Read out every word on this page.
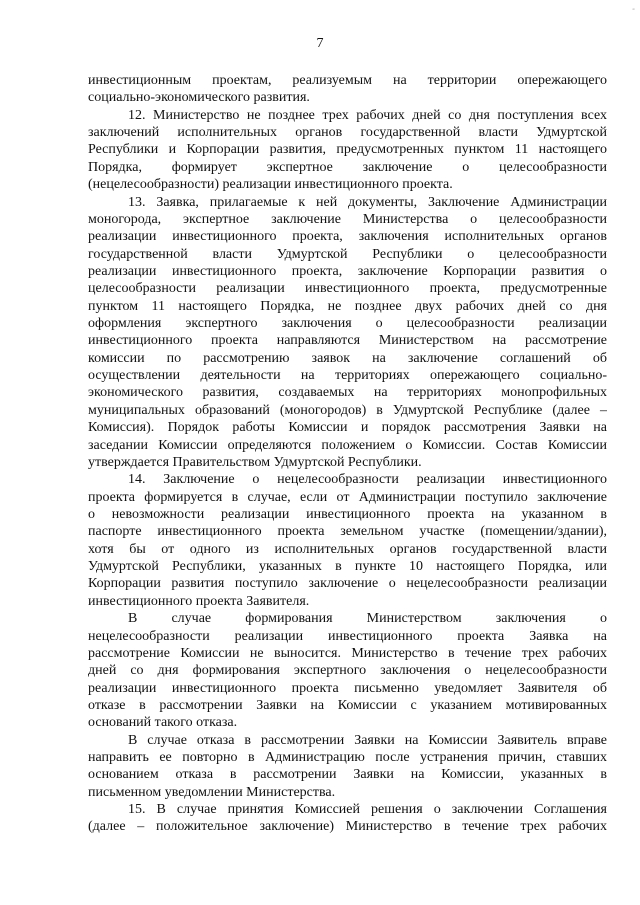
'
7
инвестиционным проектам, реализуемым на территории опережающего
социально-экономического развития.
12. Министерство не позднее трех рабочих дней со дня поступления всех
заключений исполнительных органов государственной власти Удмуртской
Республики и Корпорации развития, предусмотренных пунктом 11 настоящего
Порядка, формирует экспертное заключение о целесообразности
(нецелесообразности) реализации инвестиционного проекта.
13. Заявка, прилагаемые к ней документы, Заключение Администрации
моногорода, экспертное заключение Министерства о целесообразности
реализации инвестиционного проекта, заключения исполнительных органов
государственной власти Удмуртской Республики о целесообразности
реализации инвестиционного проекта, заключение Корпорации развития о
целесообразности реализации инвестиционного проекта, предусмотренные
пунктом 11 настоящего Порядка, не позднее двух рабочих дней со дня
оформления экспертного заключения о целесообразности реализации
инвестиционного проекта направляются Министерством на рассмотрение
комиссии по рассмотрению заявок на заключение соглашений об
осуществлении деятельности на территориях опережающего социально-
экономического развития, создаваемых на территориях монопрофильных
муниципальных образований (моногородов) в Удмуртской Республике (далее –
Комиссия). Порядок работы Комиссии и порядок рассмотрения Заявки на
заседании Комиссии определяются положением о Комиссии. Состав Комиссии
утверждается Правительством Удмуртской Республики.
14. Заключение о нецелесообразности реализации инвестиционного
проекта формируется в случае, если от Администрации поступило заключение
о невозможности реализации инвестиционного проекта на указанном в
паспорте инвестиционного проекта земельном участке (помещении/здании),
хотя бы от одного из исполнительных органов государственной власти
Удмуртской Республики, указанных в пункте 10 настоящего Порядка, или
Корпорации развития поступило заключение о нецелесообразности реализации
инвестиционного проекта Заявителя.
В случае формирования Министерством заключения о
нецелесообразности реализации инвестиционного проекта Заявка на
рассмотрение Комиссии не выносится. Министерство в течение трех рабочих
дней со дня формирования экспертного заключения о нецелесообразности
реализации инвестиционного проекта письменно уведомляет Заявителя об
отказе в рассмотрении Заявки на Комиссии с указанием мотивированных
оснований такого отказа.
В случае отказа в рассмотрении Заявки на Комиссии Заявитель вправе
направить ее повторно в Администрацию после устранения причин, ставших
основанием отказа в рассмотрении Заявки на Комиссии, указанных в
письменном уведомлении Министерства.
15. В случае принятия Комиссией решения о заключении Соглашения
(далее – положительное заключение) Министерство в течение трех рабочих
